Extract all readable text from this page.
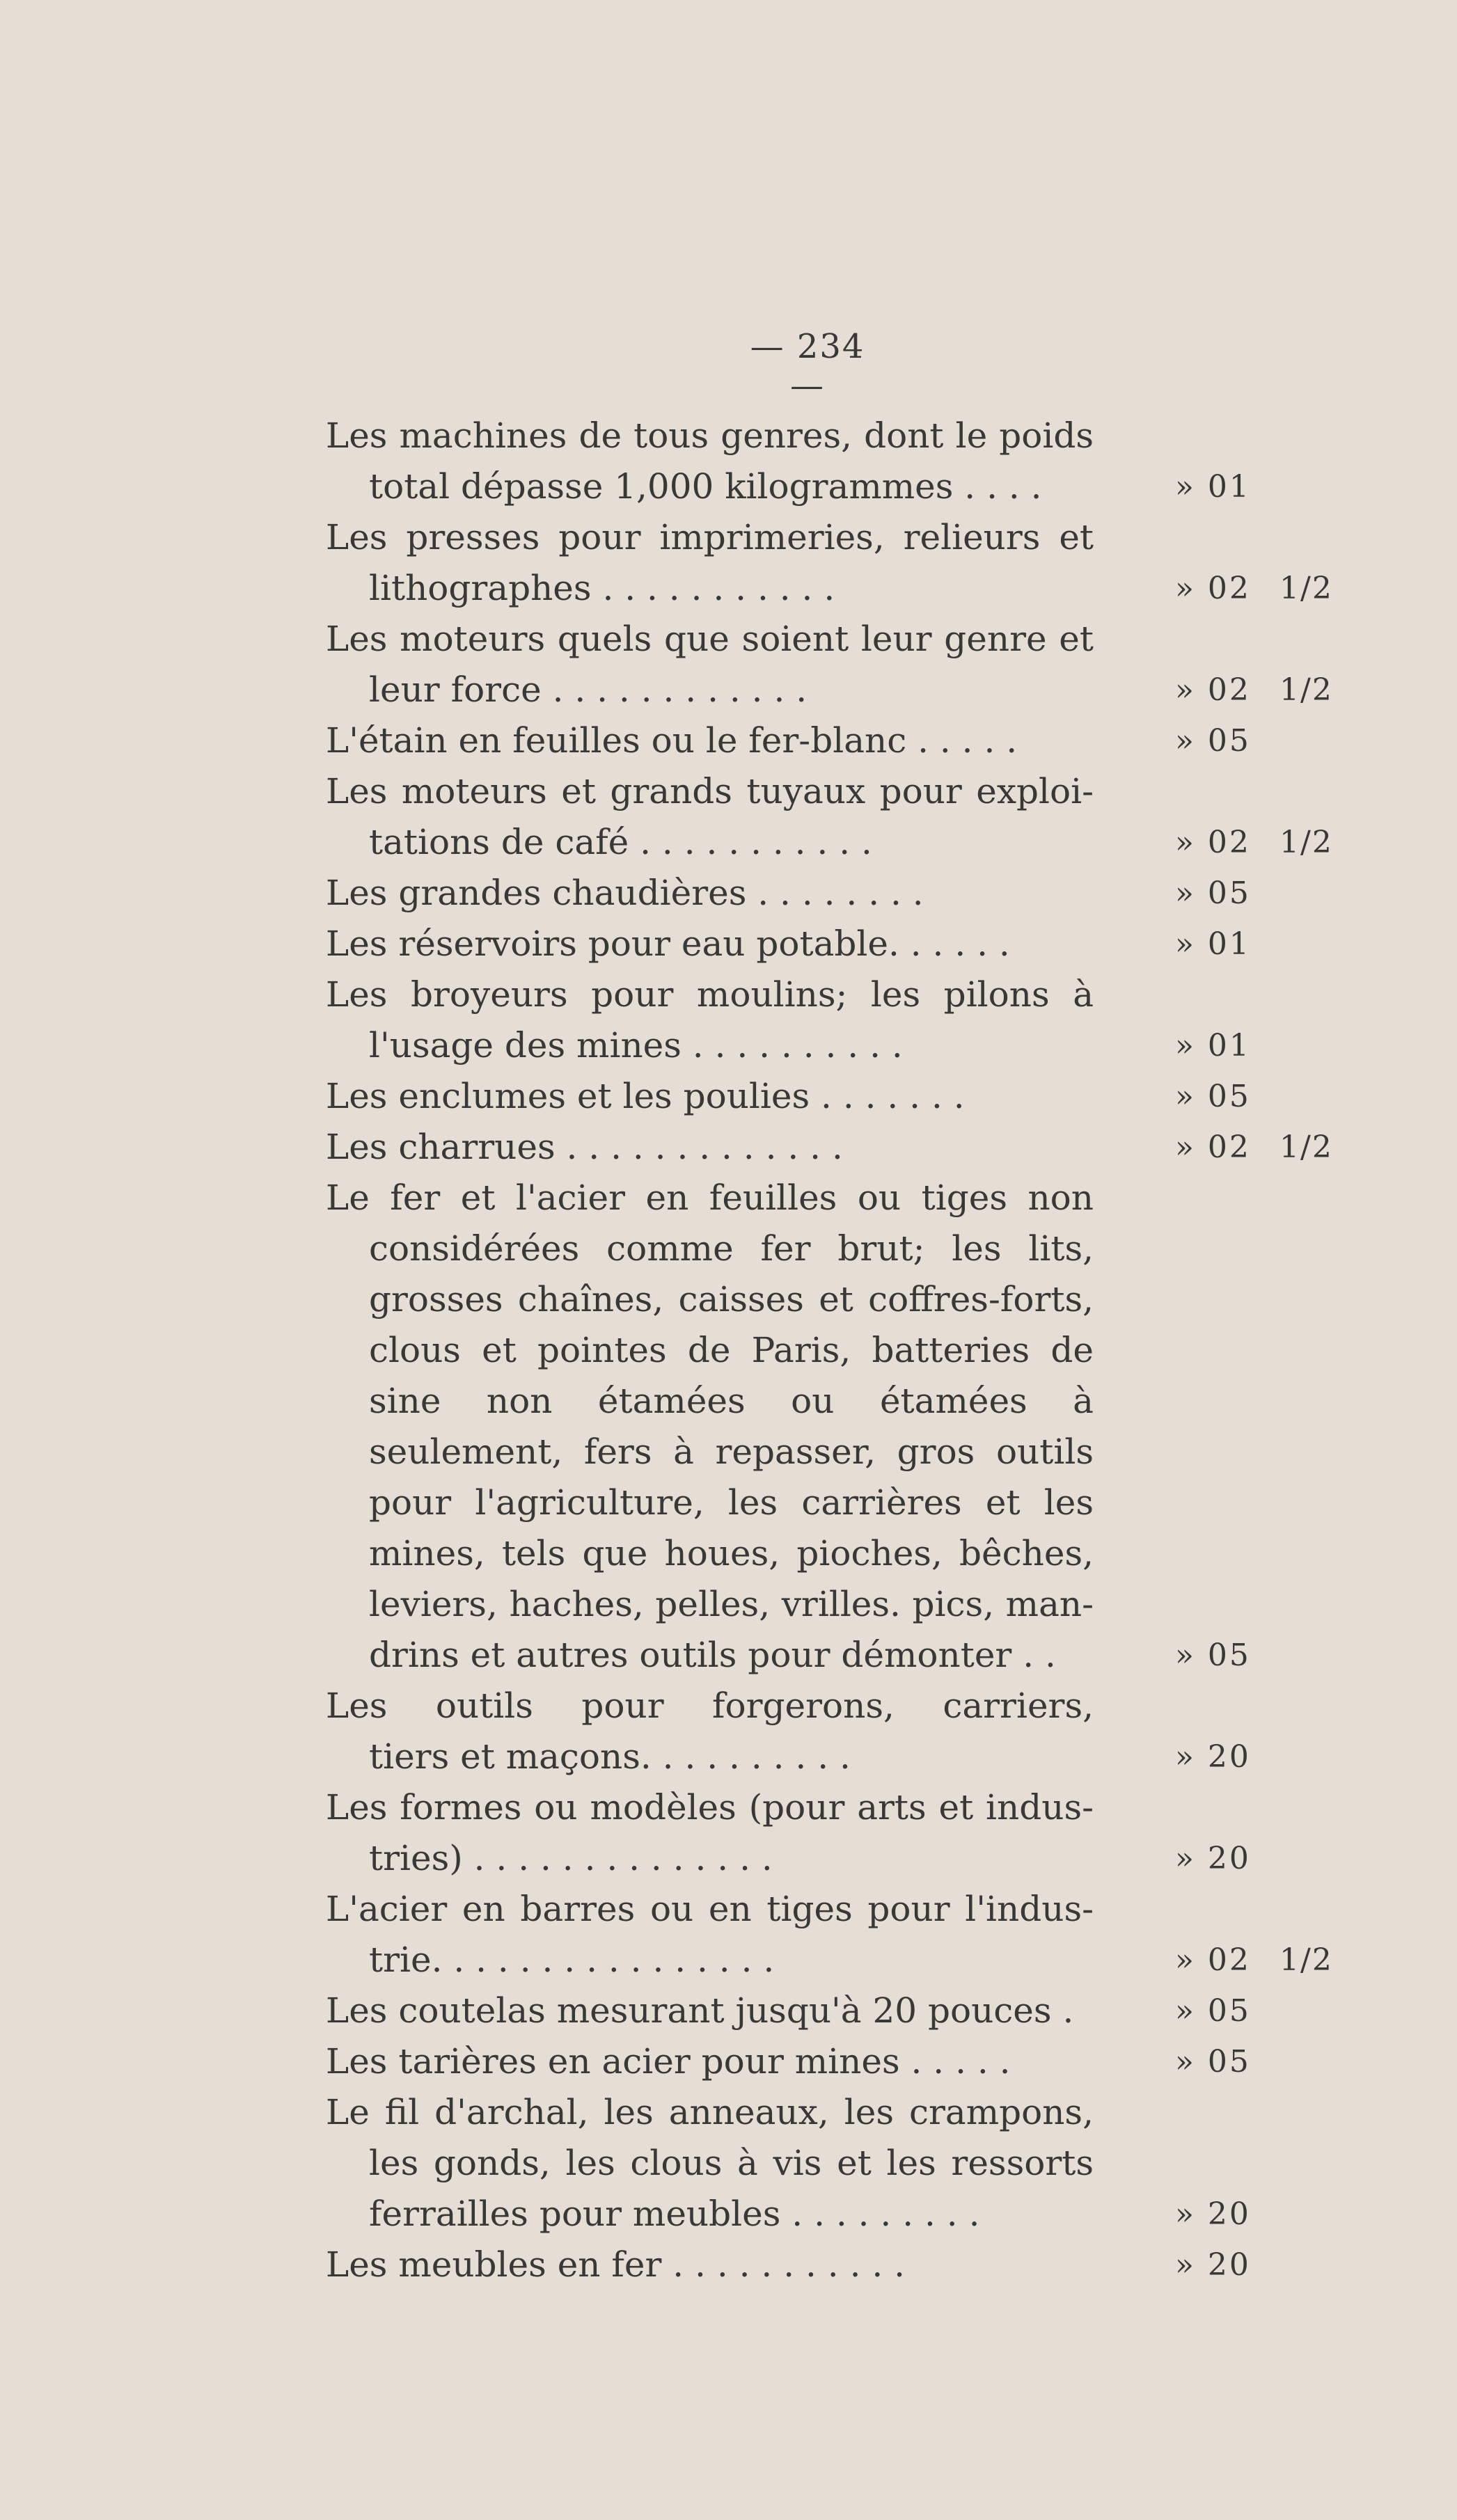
— 234 —
Les machines de tous genres, dont le poids
total dépasse 1,000 kilogrammes . . . .	» 01
Les presses pour imprimeries, relieurs et
lithographes . . . . . . . . . . .	» 02 1/2
Les moteurs quels que soient leur genre et
leur force . . . . . . . . . . . .	» 02 1/2
L'étain en feuilles ou le fer-blanc . . . . .	» 05
Les moteurs et grands tuyaux pour exploi-
tations de café . . . . . . . . . . .	» 02 1/2
Les grandes chaudières . . . . . . . .	» 05
Les réservoirs pour eau potable. . . . . .	» 01
Les broyeurs pour moulins; les pilons à
l'usage des mines . . . . . . . . . .	» 01
Les enclumes et les poulies . . . . . . .	» 05
Les charrues . . . . . . . . . . . . .	» 02 1/2
Le fer et l'acier en feuilles ou tiges non
considérées comme fer brut; les lits,
grosses chaînes, caisses et coffres-forts,
clous et pointes de Paris, batteries de
sine non étamées ou étamées à
seulement, fers à repasser, gros outils
pour l'agriculture, les carrières et les
mines, tels que houes, pioches, bêches,
leviers, haches, pelles, vrilles. pics, man-
drins et autres outils pour démonter . .	» 05
Les outils pour forgerons, carriers,
tiers et maçons. . . . . . . . . .	» 20
Les formes ou modèles (pour arts et indus-
tries) . . . . . . . . . . . . . .	» 20
L'acier en barres ou en tiges pour l'indus-
trie. . . . . . . . . . . . . . . .	» 02 1/2
Les coutelas mesurant jusqu'à 20 pouces .	» 05
Les tarières en acier pour mines . . . . .	» 05
Le fil d'archal, les anneaux, les crampons,
les gonds, les clous à vis et les ressorts
ferrailles pour meubles . . . . . . . . .	» 20
Les meubles en fer . . . . . . . . . . .	» 20
